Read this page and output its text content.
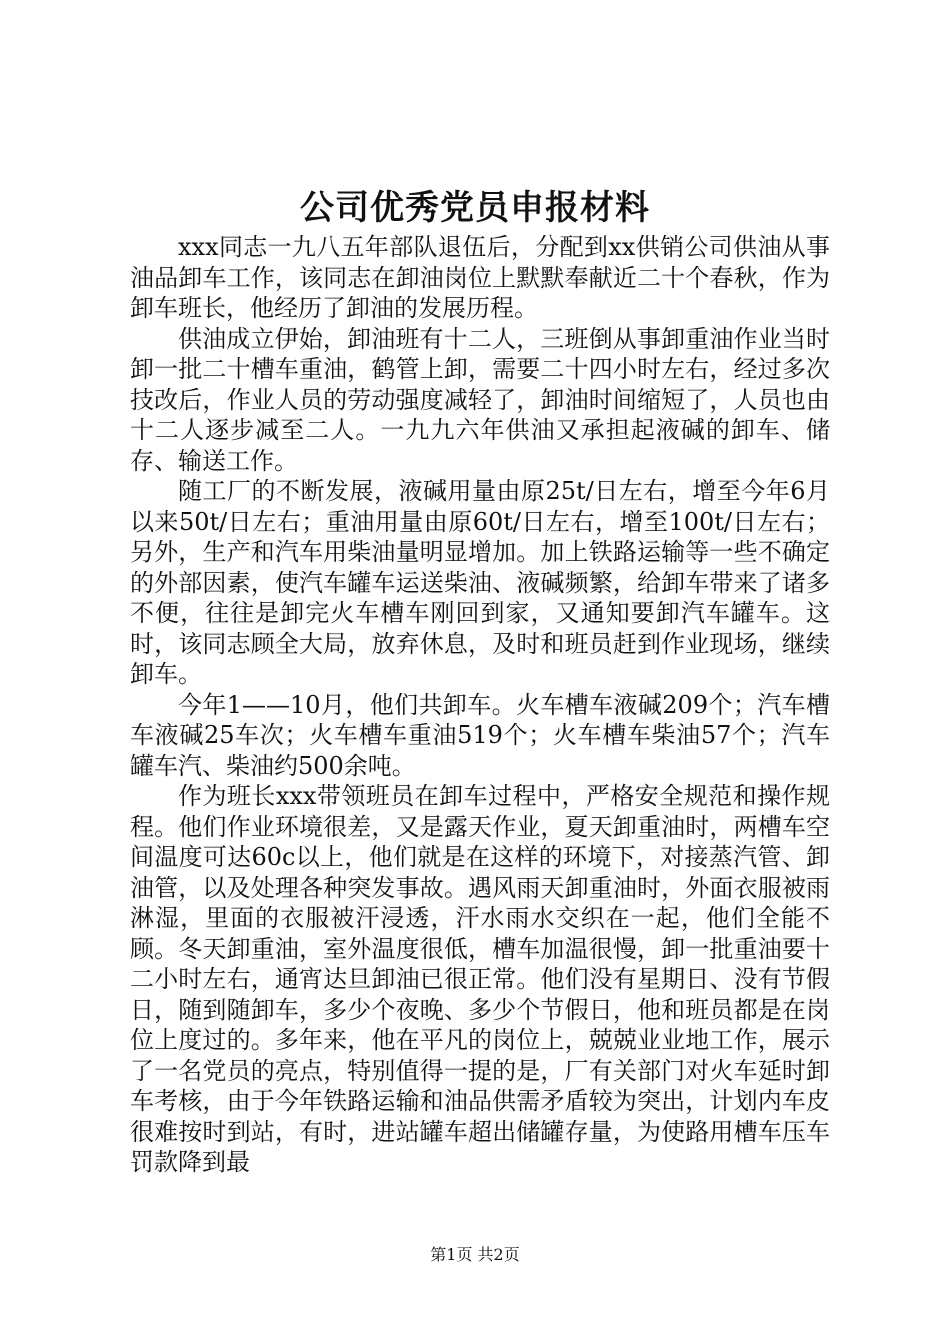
公司优秀党员申报材料

xxx同志一九八五年部队退伍后，分配到xx供销公司供油从事油品卸车工作，该同志在卸油岗位上默默奉献近二十个春秋，作为卸车班长，他经历了卸油的发展历程。

供油成立伊始，卸油班有十二人，三班倒从事卸重油作业当时卸一批二十槽车重油，鹤管上卸，需要二十四小时左右，经过多次技改后，作业人员的劳动强度减轻了，卸油时间缩短了，人员也由十二人逐步减至二人。一九九六年供油又承担起液碱的卸车、储存、输送工作。

随工厂的不断发展，液碱用量由原25t/日左右，增至今年6月以来50t/日左右；重油用量由原60t/日左右，增至100t/日左右；另外，生产和汽车用柴油量明显增加。加上铁路运输等一些不确定的外部因素，使汽车罐车运送柴油、液碱频繁，给卸车带来了诸多不便，往往是卸完火车槽车刚回到家，又通知要卸汽车罐车。这时，该同志顾全大局，放弃休息，及时和班员赶到作业现场，继续卸车。

今年1——10月，他们共卸车。火车槽车液碱209个；汽车槽车液碱25车次；火车槽车重油519个；火车槽车柴油57个；汽车罐车汽、柴油约500余吨。

作为班长xxx带领班员在卸车过程中，严格安全规范和操作规程。他们作业环境很差，又是露天作业，夏天卸重油时，两槽车空间温度可达60c以上，他们就是在这样的环境下，对接蒸汽管、卸油管，以及处理各种突发事故。遇风雨天卸重油时，外面衣服被雨淋湿，里面的衣服被汗浸透，汗水雨水交织在一起，他们全能不顾。冬天卸重油，室外温度很低，槽车加温很慢，卸一批重油要十二小时左右，通宵达旦卸油已很正常。他们没有星期日、没有节假日，随到随卸车，多少个夜晚、多少个节假日，他和班员都是在岗位上度过的。多年来，他在平凡的岗位上，兢兢业业地工作，展示了一名党员的亮点，特别值得一提的是，厂有关部门对火车延时卸车考核，由于今年铁路运输和油品供需矛盾较为突出，计划内车皮很难按时到站，有时，进站罐车超出储罐存量，为使路用槽车压车罚款降到最

第1页 共2页
